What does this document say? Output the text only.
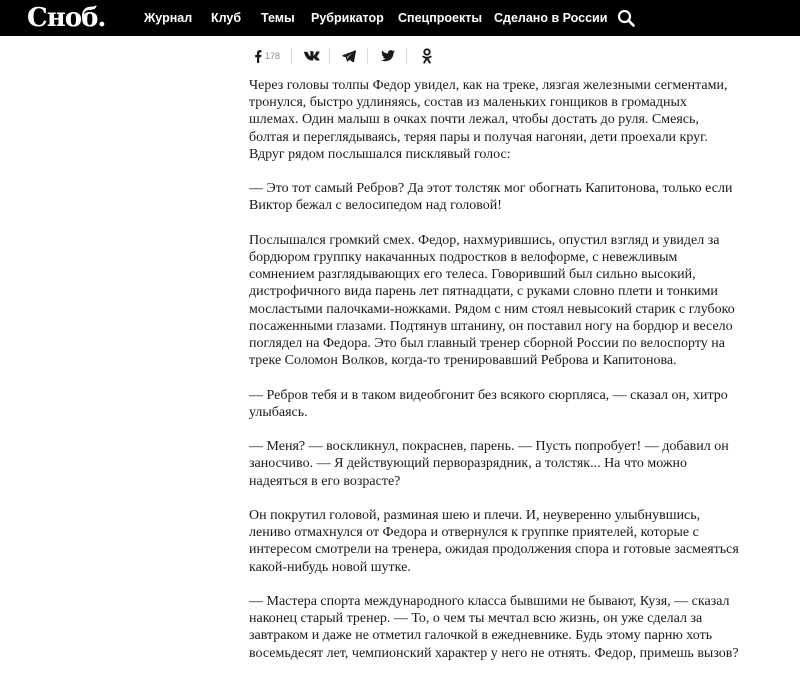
Сноб.	Журнал Клуб Темы Рубрикатор Спецпроекты Сделано в России
178

Через головы толпы Федор увидел, как на треке, лязгая железными сегментами, тронулся, быстро удлиняясь, состав из маленьких гонщиков в громадных шлемах. Один малыш в очках почти лежал, чтобы достать до руля. Смеясь, болтая и переглядываясь, теряя пары и получая нагоняи, дети проехали круг. Вдруг рядом послышался писклявый голос:

— Это тот самый Ребров? Да этот толстяк мог обогнать Капитонова, только если Виктор бежал с велосипедом над головой!

Послышался громкий смех. Федор, нахмурившись, опустил взгляд и увидел за бордюром группку накачанных подростков в велоформе, с невежливым сомнением разглядывающих его телеса. Говоривший был сильно высокий, дистрофичного вида парень лет пятнадцати, с руками словно плети и тонкими мосластыми палочками-ножками. Рядом с ним стоял невысокий старик с глубоко посаженными глазами. Подтянув штанину, он поставил ногу на бордюр и весело поглядел на Федора. Это был главный тренер сборной России по велоспорту на треке Соломон Волков, когда-то тренировавший Реброва и Капитонова.

— Ребров тебя и в таком видеобгонит без всякого сюрпляса, — сказал он, хитро улыбаясь.

— Меня? — воскликнул, покраснев, парень. — Пусть попробует! — добавил он заносчиво. — Я действующий перворазрядник, а толстяк... На что можно надеяться в его возрасте?

Он покрутил головой, разминая шею и плечи. И, неуверенно улыбнувшись, лениво отмахнулся от Федора и отвернулся к группке приятелей, которые с интересом смотрели на тренера, ожидая продолжения спора и готовые засмеяться какой-нибудь новой шутке.

— Мастера спорта международного класса бывшими не бывают, Кузя, — сказал наконец старый тренер. — То, о чем ты мечтал всю жизнь, он уже сделал за завтраком и даже не отметил галочкой в ежедневнике. Будь этому парню хоть восемьдесят лет, чемпионский характер у него не отнять. Федор, примешь вызов?
